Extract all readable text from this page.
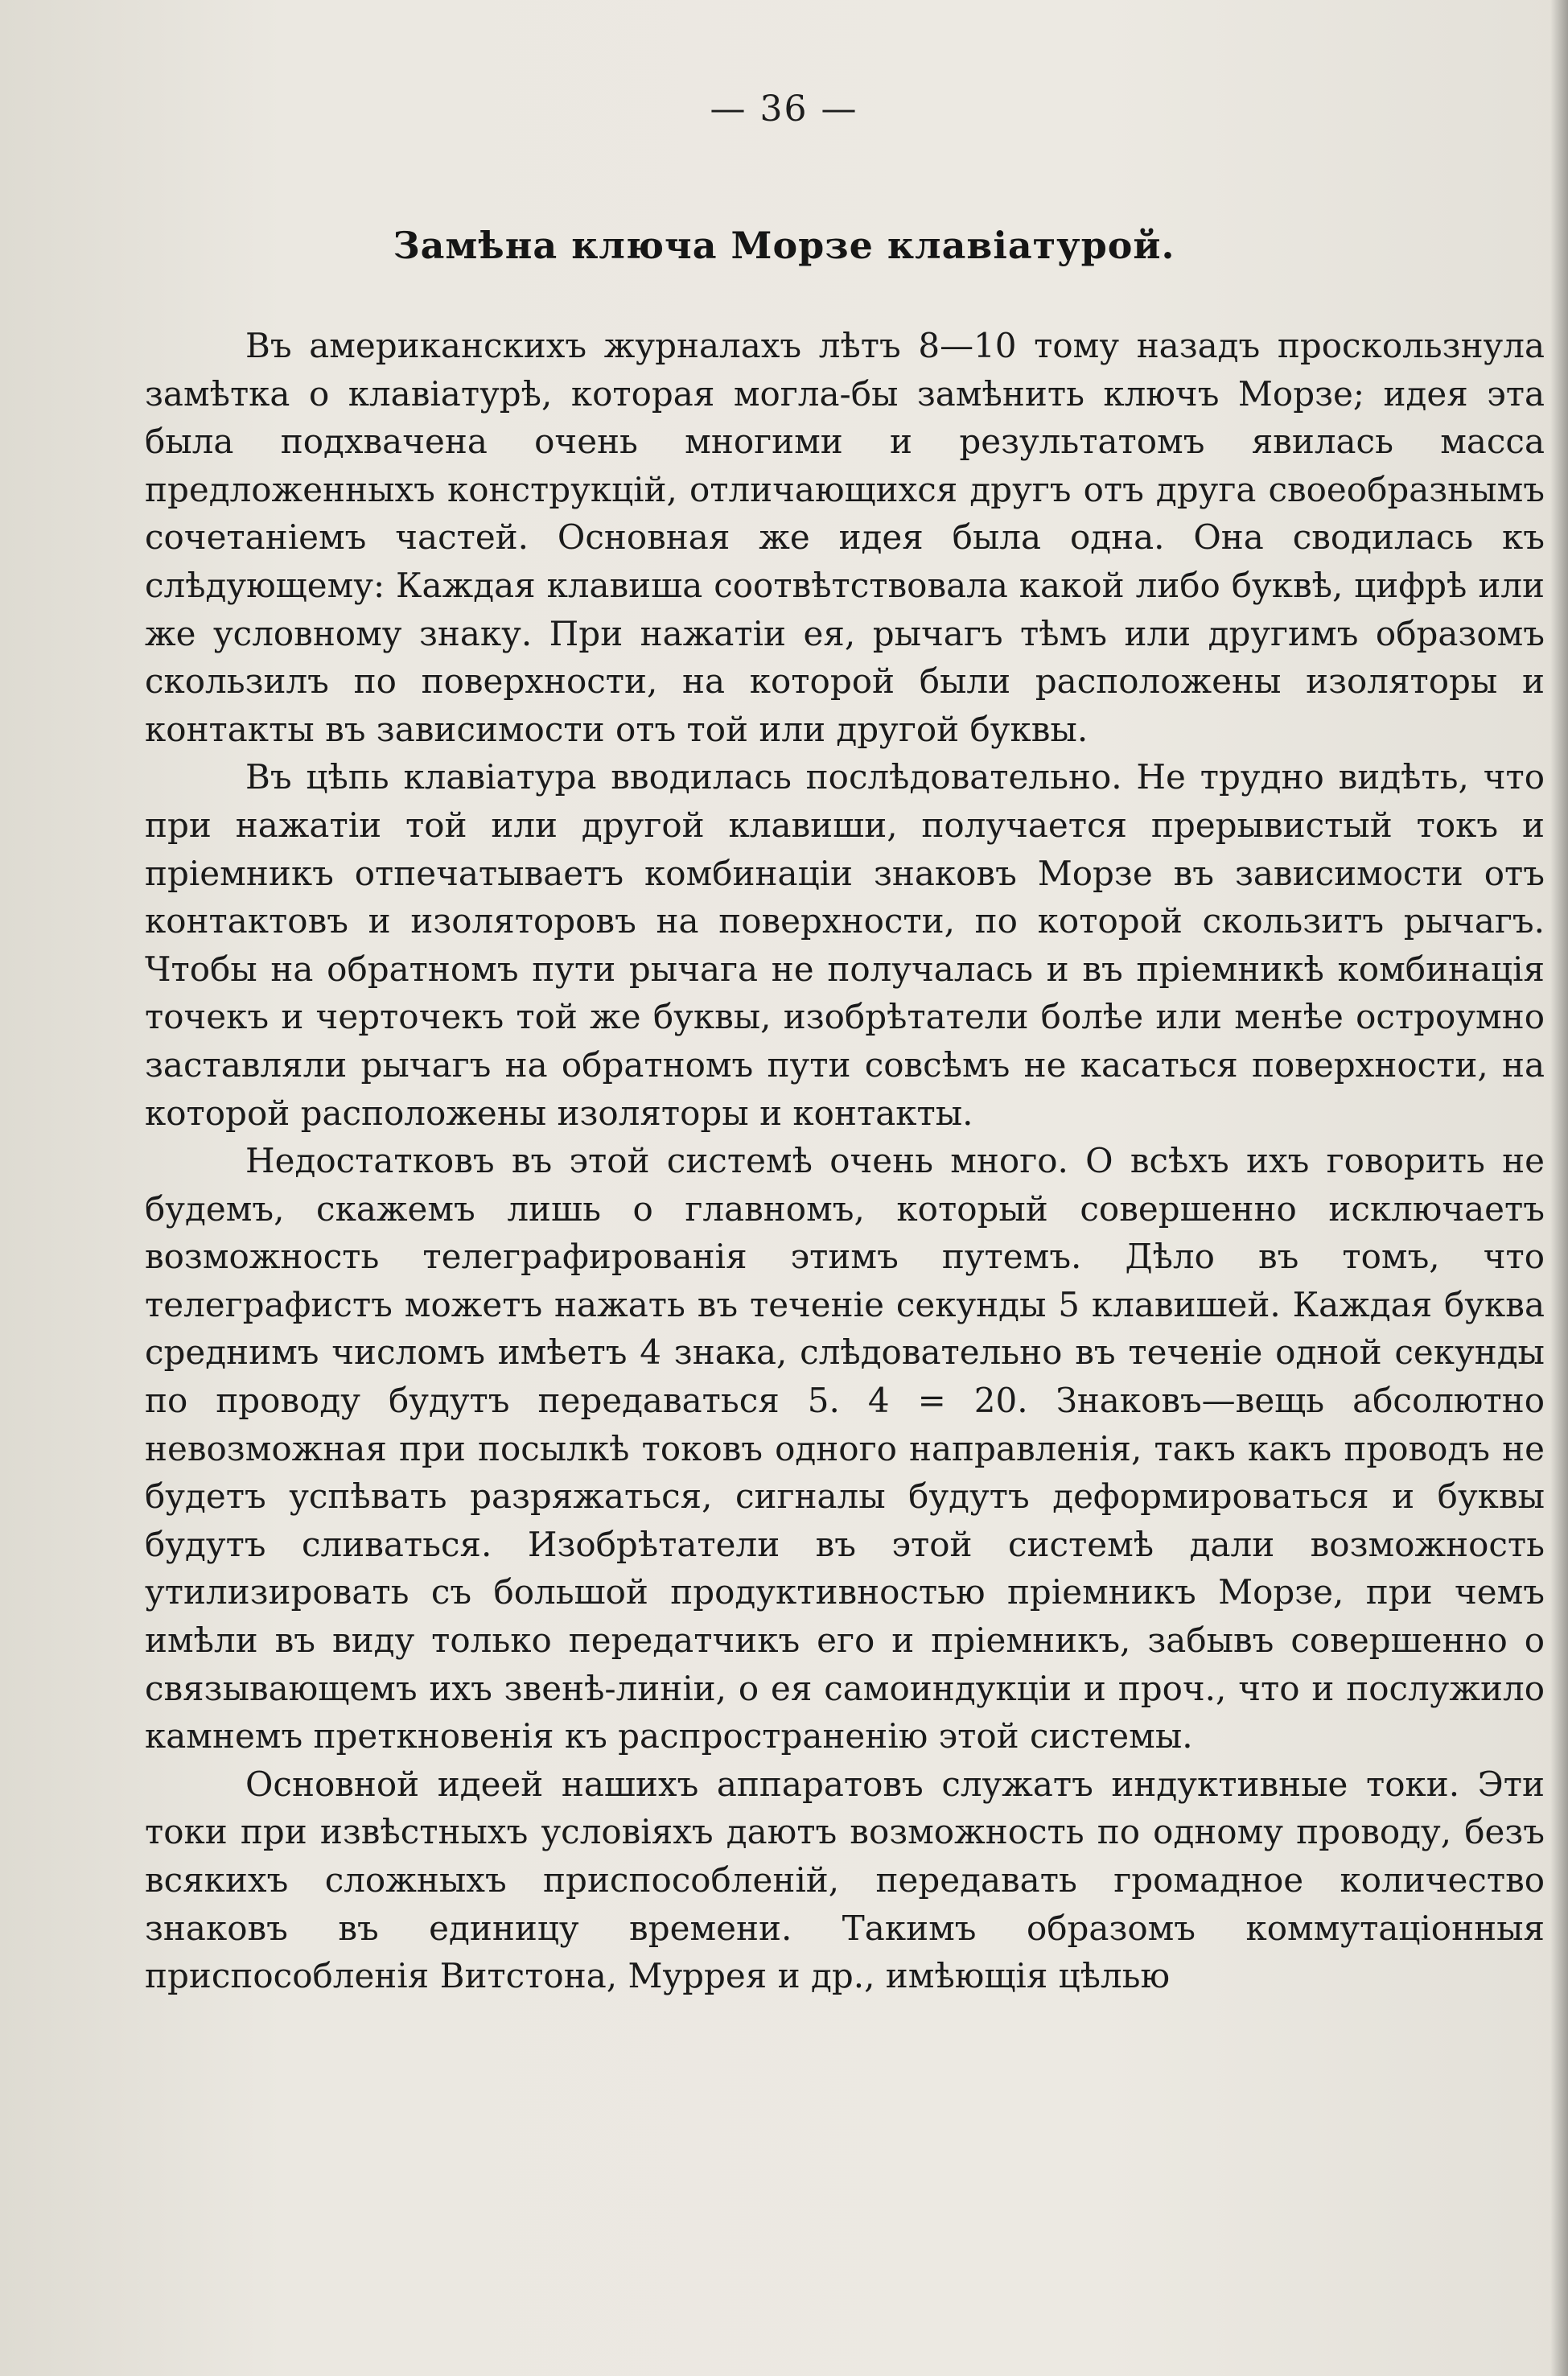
— 36 —
Замѣна ключа Морзе клавіатурой.

Въ американскихъ журналахъ лѣтъ 8—10 тому назадъ проскользнула замѣтка о клавіатурѣ, которая могла-бы замѣнить ключъ Морзе; идея эта была подхвачена очень многими и результатомъ явилась масса предложенныхъ конструкцій, отличающихся другъ отъ друга своеобразнымъ сочетаніемъ частей. Основная же идея была одна. Она сводилась къ слѣдующему: Каждая клавиша соотвѣтствовала какой либо буквѣ, цифрѣ или же условному знаку. При нажатіи ея, рычагъ тѣмъ или другимъ образомъ скользилъ по поверхности, на которой были расположены изоляторы и контакты въ зависимости отъ той или другой буквы.

Въ цѣпь клавіатура вводилась послѣдовательно. Не трудно видѣть, что при нажатіи той или другой клавиши, получается прерывистый токъ и пріемникъ отпечатываетъ комбинаціи знаковъ Морзе въ зависимости отъ контактовъ и изоляторовъ на поверхности, по которой скользитъ рычагъ. Чтобы на обратномъ пути рычага не получалась и въ пріемникѣ комбинація точекъ и черточекъ той же буквы, изобрѣтатели болѣе или менѣе остроумно заставляли рычагъ на обратномъ пути совсѣмъ не касаться поверхности, на которой расположены изоляторы и контакты.

Недостатковъ въ этой системѣ очень много. О всѣхъ ихъ говорить не будемъ, скажемъ лишь о главномъ, который совершенно исключаетъ возможность телеграфированія этимъ путемъ. Дѣло въ томъ, что телеграфистъ можетъ нажать въ теченіе секунды 5 клавишей. Каждая буква среднимъ числомъ имѣетъ 4 знака, слѣдовательно въ теченіе одной секунды по проводу будутъ передаваться 5. 4 = 20. Знаковъ—вещь абсолютно невозможная при посылкѣ токовъ одного направленія, такъ какъ проводъ не будетъ успѣвать разряжаться, сигналы будутъ деформироваться и буквы будутъ сливаться. Изобрѣтатели въ этой системѣ дали возможность утилизировать съ большой продуктивностью пріемникъ Морзе, при чемъ имѣли въ виду только передатчикъ его и пріемникъ, забывъ совершенно о связывающемъ ихъ звенѣ-линіи, о ея самоиндукціи и проч., что и послужило камнемъ преткновенія къ распространенію этой системы.

Основной идеей нашихъ аппаратовъ служатъ индуктивные токи. Эти токи при извѣстныхъ условіяхъ даютъ возможность по одному проводу, безъ всякихъ сложныхъ приспособленій, передавать громадное количество знаковъ въ единицу времени. Такимъ образомъ коммутаціонныя приспособленія Витстона, Муррея и др., имѣющія цѣлью
